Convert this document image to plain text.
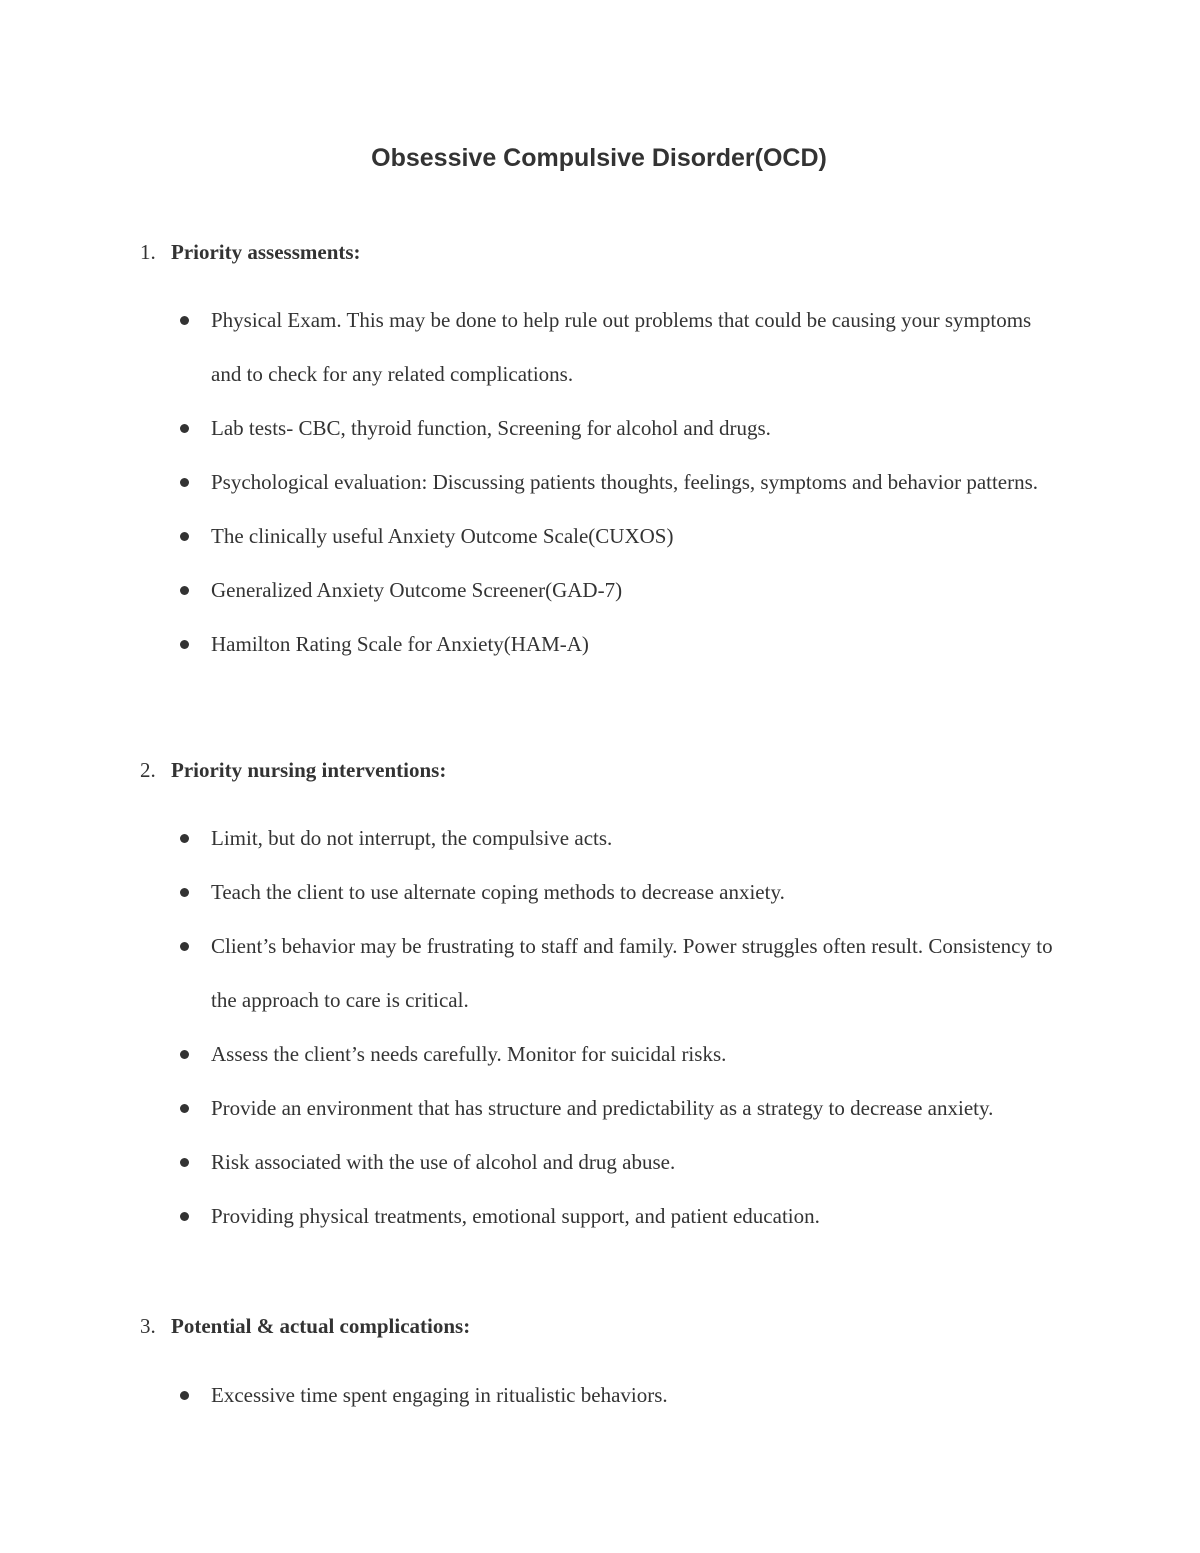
Obsessive Compulsive Disorder(OCD)
1. Priority assessments:
Physical Exam. This may be done to help rule out problems that could be causing your symptoms and to check for any related complications.
Lab tests- CBC, thyroid function, Screening for alcohol and drugs.
Psychological evaluation: Discussing patients thoughts, feelings, symptoms and behavior patterns.
The clinically useful Anxiety Outcome Scale(CUXOS)
Generalized Anxiety Outcome Screener(GAD-7)
Hamilton Rating Scale for Anxiety(HAM-A)
2. Priority nursing interventions:
Limit, but do not interrupt, the compulsive acts.
Teach the client to use alternate coping methods to decrease anxiety.
Client’s behavior may be frustrating to staff and family. Power struggles often result. Consistency to the approach to care is critical.
Assess the client’s needs carefully. Monitor for suicidal risks.
Provide an environment that has structure and predictability as a strategy to decrease anxiety.
Risk associated with the use of alcohol and drug abuse.
Providing physical treatments, emotional support, and patient education.
3. Potential & actual complications:
Excessive time spent engaging in ritualistic behaviors.
